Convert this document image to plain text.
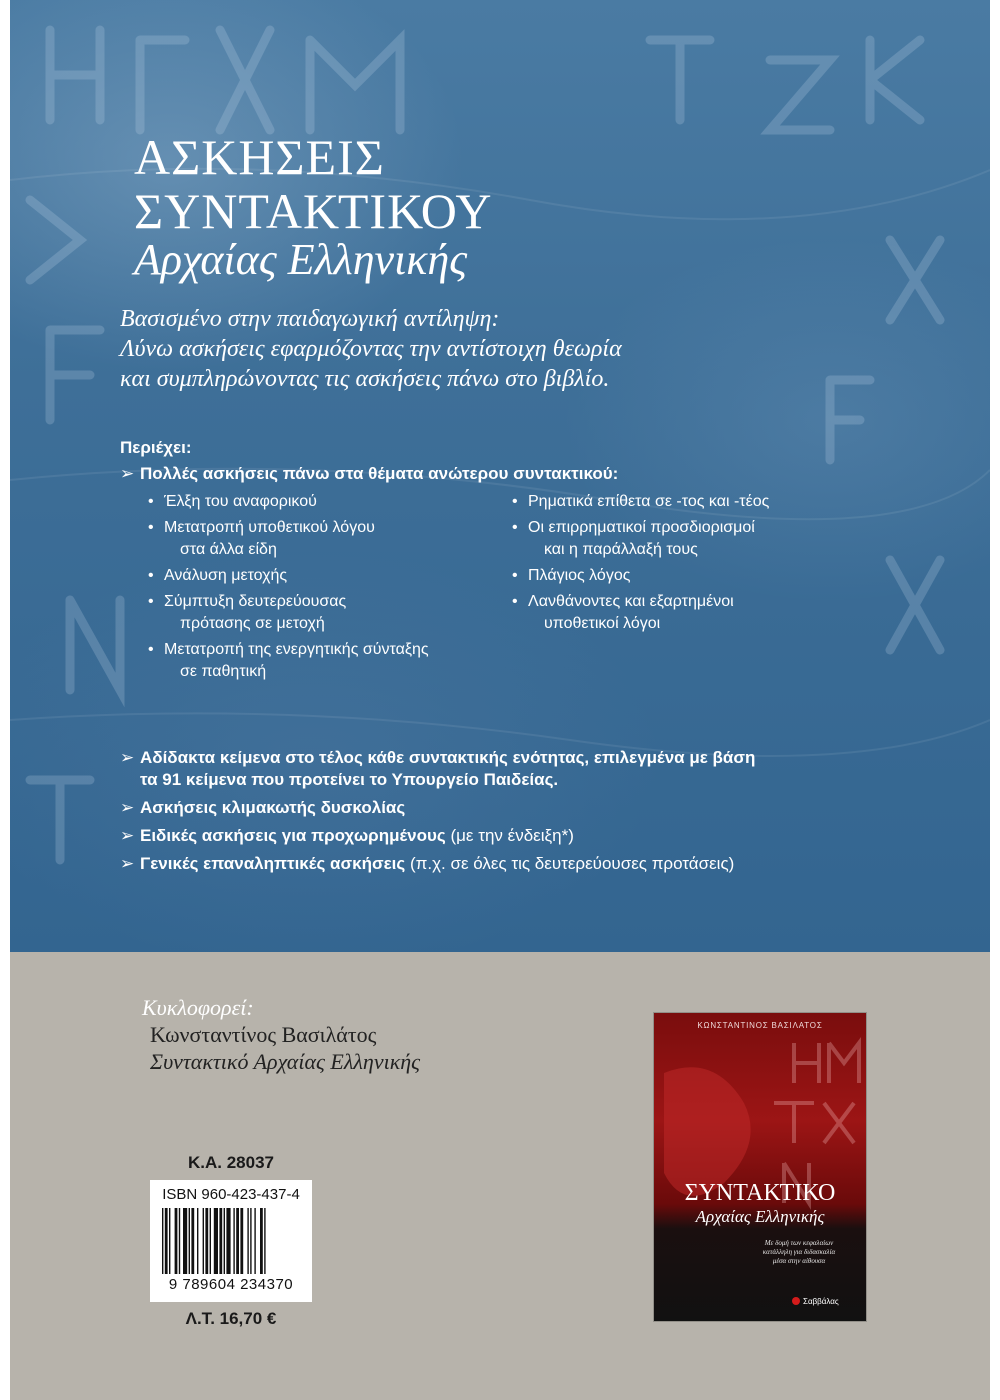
ΑΣΚΗΣΕΙΣ
ΣΥΝΤΑΚΤΙΚΟΥ
Αρχαίας Ελληνικής
Βασισμένο στην παιδαγωγική αντίληψη:
Λύνω ασκήσεις εφαρμόζοντας την αντίστοιχη θεωρία
και συμπληρώνοντας τις ασκήσεις πάνω στο βιβλίο.
Περιέχει:
➢ Πολλές ασκήσεις πάνω στα θέματα ανώτερου συντακτικού:
• Έλξη του αναφορικού
• Μετατροπή υποθετικού λόγου
στα άλλα είδη
• Ανάλυση μετοχής
• Σύμπτυξη δευτερεύουσας
πρότασης σε μετοχή
• Μετατροπή της ενεργητικής σύνταξης
σε παθητική
• Ρηματικά επίθετα σε -τος και -τέος
• Οι επιρρηματικοί προσδιορισμοί
και η παράλλαξή τους
• Πλάγιος λόγος
• Λανθάνοντες και εξαρτημένοι
υποθετικοί λόγοι
➢ Αδίδακτα κείμενα στο τέλος κάθε συντακτικής ενότητας, επιλεγμένα με βάση
τα 91 κείμενα που προτείνει το Υπουργείο Παιδείας.
➢ Ασκήσεις κλιμακωτής δυσκολίας
➢ Ειδικές ασκήσεις για προχωρημένους (με την ένδειξη*)
➢ Γενικές επαναληπτικές ασκήσεις (π.χ. σε όλες τις δευτερεύουσες προτάσεις)
Κυκλοφορεί:
Κωνσταντίνος Βασιλάτος
Συντακτικό Αρχαίας Ελληνικής
Κ.Α. 28037
ISBN 960-423-437-4
9 789604 234370
Λ.Τ. 16,70 €
ΚΩΝΣΤΑΝΤΙΝΟΣ ΒΑΣΙΛΑΤΟΣ
ΣΥΝΤΑΚΤΙΚΟ
Αρχαίας Ελληνικής
Με δομή των κεφαλαίων
κατάλληλη για διδασκαλία
μέσα στην αίθουσα
Σαββάλας
